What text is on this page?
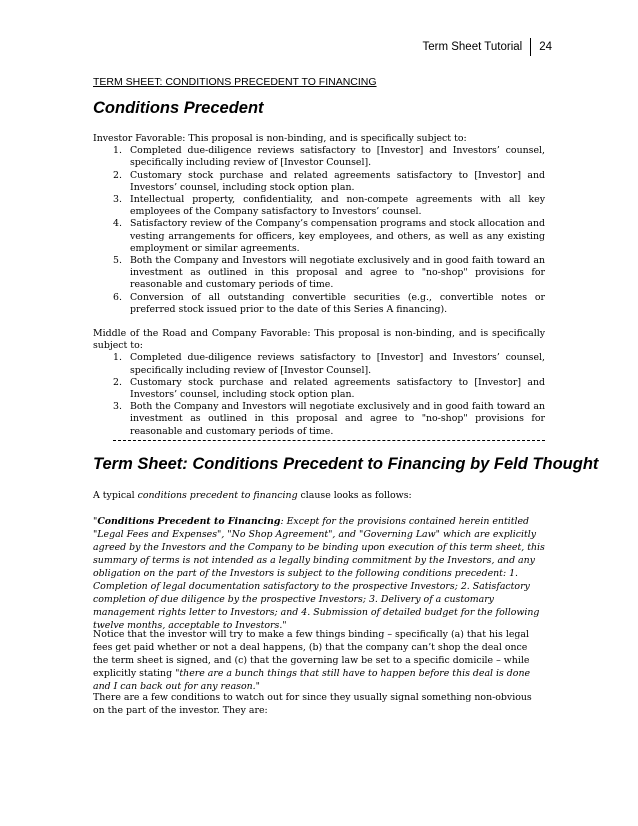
Term Sheet Tutorial 24
TERM SHEET: CONDITIONS PRECEDENT TO FINANCING
Conditions Precedent
Investor Favorable: This proposal is non-binding, and is specifically subject to:
1. Completed due-diligence reviews satisfactory to [Investor] and Investors’ counsel, specifically including review of [Investor Counsel].
2. Customary stock purchase and related agreements satisfactory to [Investor] and Investors’ counsel, including stock option plan.
3. Intellectual property, confidentiality, and non-compete agreements with all key employees of the Company satisfactory to Investors’ counsel.
4. Satisfactory review of the Company’s compensation programs and stock allocation and vesting arrangements for officers, key employees, and others, as well as any existing employment or similar agreements.
5. Both the Company and Investors will negotiate exclusively and in good faith toward an investment as outlined in this proposal and agree to "no-shop" provisions for reasonable and customary periods of time.
6. Conversion of all outstanding convertible securities (e.g., convertible notes or preferred stock issued prior to the date of this Series A financing).
Middle of the Road and Company Favorable: This proposal is non-binding, and is specifically subject to:
1. Completed due-diligence reviews satisfactory to [Investor] and Investors’ counsel, specifically including review of [Investor Counsel].
2. Customary stock purchase and related agreements satisfactory to [Investor] and Investors’ counsel, including stock option plan.
3. Both the Company and Investors will negotiate exclusively and in good faith toward an investment as outlined in this proposal and agree to "no-shop" provisions for reasonable and customary periods of time.
Term Sheet: Conditions Precedent to Financing by Feld Thought
A typical conditions precedent to financing clause looks as follows:
"Conditions Precedent to Financing: Except for the provisions contained herein entitled "Legal Fees and Expenses", "No Shop Agreement", and "Governing Law" which are explicitly agreed by the Investors and the Company to be binding upon execution of this term sheet, this summary of terms is not intended as a legally binding commitment by the Investors, and any obligation on the part of the Investors is subject to the following conditions precedent: 1. Completion of legal documentation satisfactory to the prospective Investors; 2. Satisfactory completion of due diligence by the prospective Investors; 3. Delivery of a customary management rights letter to Investors; and 4. Submission of detailed budget for the following twelve months, acceptable to Investors."
Notice that the investor will try to make a few things binding – specifically (a) that his legal fees get paid whether or not a deal happens, (b) that the company can’t shop the deal once the term sheet is signed, and (c) that the governing law be set to a specific domicile – while explicitly stating "there are a bunch things that still have to happen before this deal is done and I can back out for any reason."
There are a few conditions to watch out for since they usually signal something non-obvious on the part of the investor. They are:
